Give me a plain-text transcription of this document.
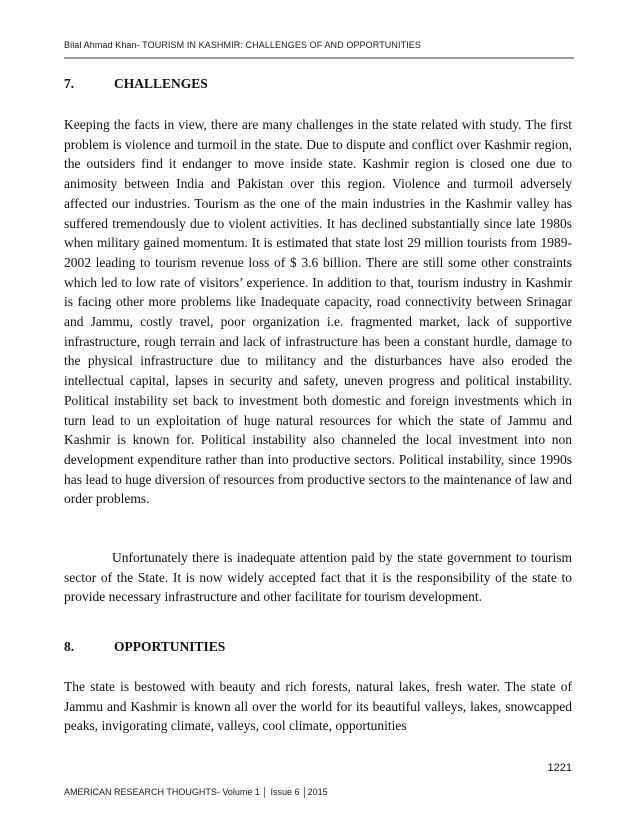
Bilal Ahmad Khan- TOURISM IN KASHMIR: CHALLENGES OF AND OPPORTUNITIES
7.	CHALLENGES

Keeping the facts in view, there are many challenges in the state related with study. The first problem is violence and turmoil in the state. Due to dispute and conflict over Kashmir region, the outsiders find it endanger to move inside state. Kashmir region is closed one due to animosity between India and Pakistan over this region. Violence and turmoil adversely affected our industries. Tourism as the one of the main industries in the Kashmir valley has suffered tremendously due to violent activities. It has declined substantially since late 1980s when military gained momentum. It is estimated that state lost 29 million tourists from 1989-2002 leading to tourism revenue loss of $ 3.6 billion. There are still some other constraints which led to low rate of visitors’ experience. In addition to that, tourism industry in Kashmir is facing other more problems like Inadequate capacity, road connectivity between Srinagar and Jammu, costly travel, poor organization i.e. fragmented market, lack of supportive infrastructure, rough terrain and lack of infrastructure has been a constant hurdle, damage to the physical infrastructure due to militancy and the disturbances have also eroded the intellectual capital, lapses in security and safety, uneven progress and political instability. Political instability set back to investment both domestic and foreign investments which in turn lead to un exploitation of huge natural resources for which the state of Jammu and Kashmir is known for. Political instability also channeled the local investment into non development expenditure rather than into productive sectors. Political instability, since 1990s has lead to huge diversion of resources from productive sectors to the maintenance of law and order problems.

Unfortunately there is inadequate attention paid by the state government to tourism sector of the State. It is now widely accepted fact that it is the responsibility of the state to provide necessary infrastructure and other facilitate for tourism development.

8.	OPPORTUNITIES

The state is bestowed with beauty and rich forests, natural lakes, fresh water. The state of Jammu and Kashmir is known all over the world for its beautiful valleys, lakes, snowcapped peaks, invigorating climate, valleys, cool climate, opportunities

1221
AMERICAN RESEARCH THOUGHTS- Volume 1 │ Issue 6 │2015
